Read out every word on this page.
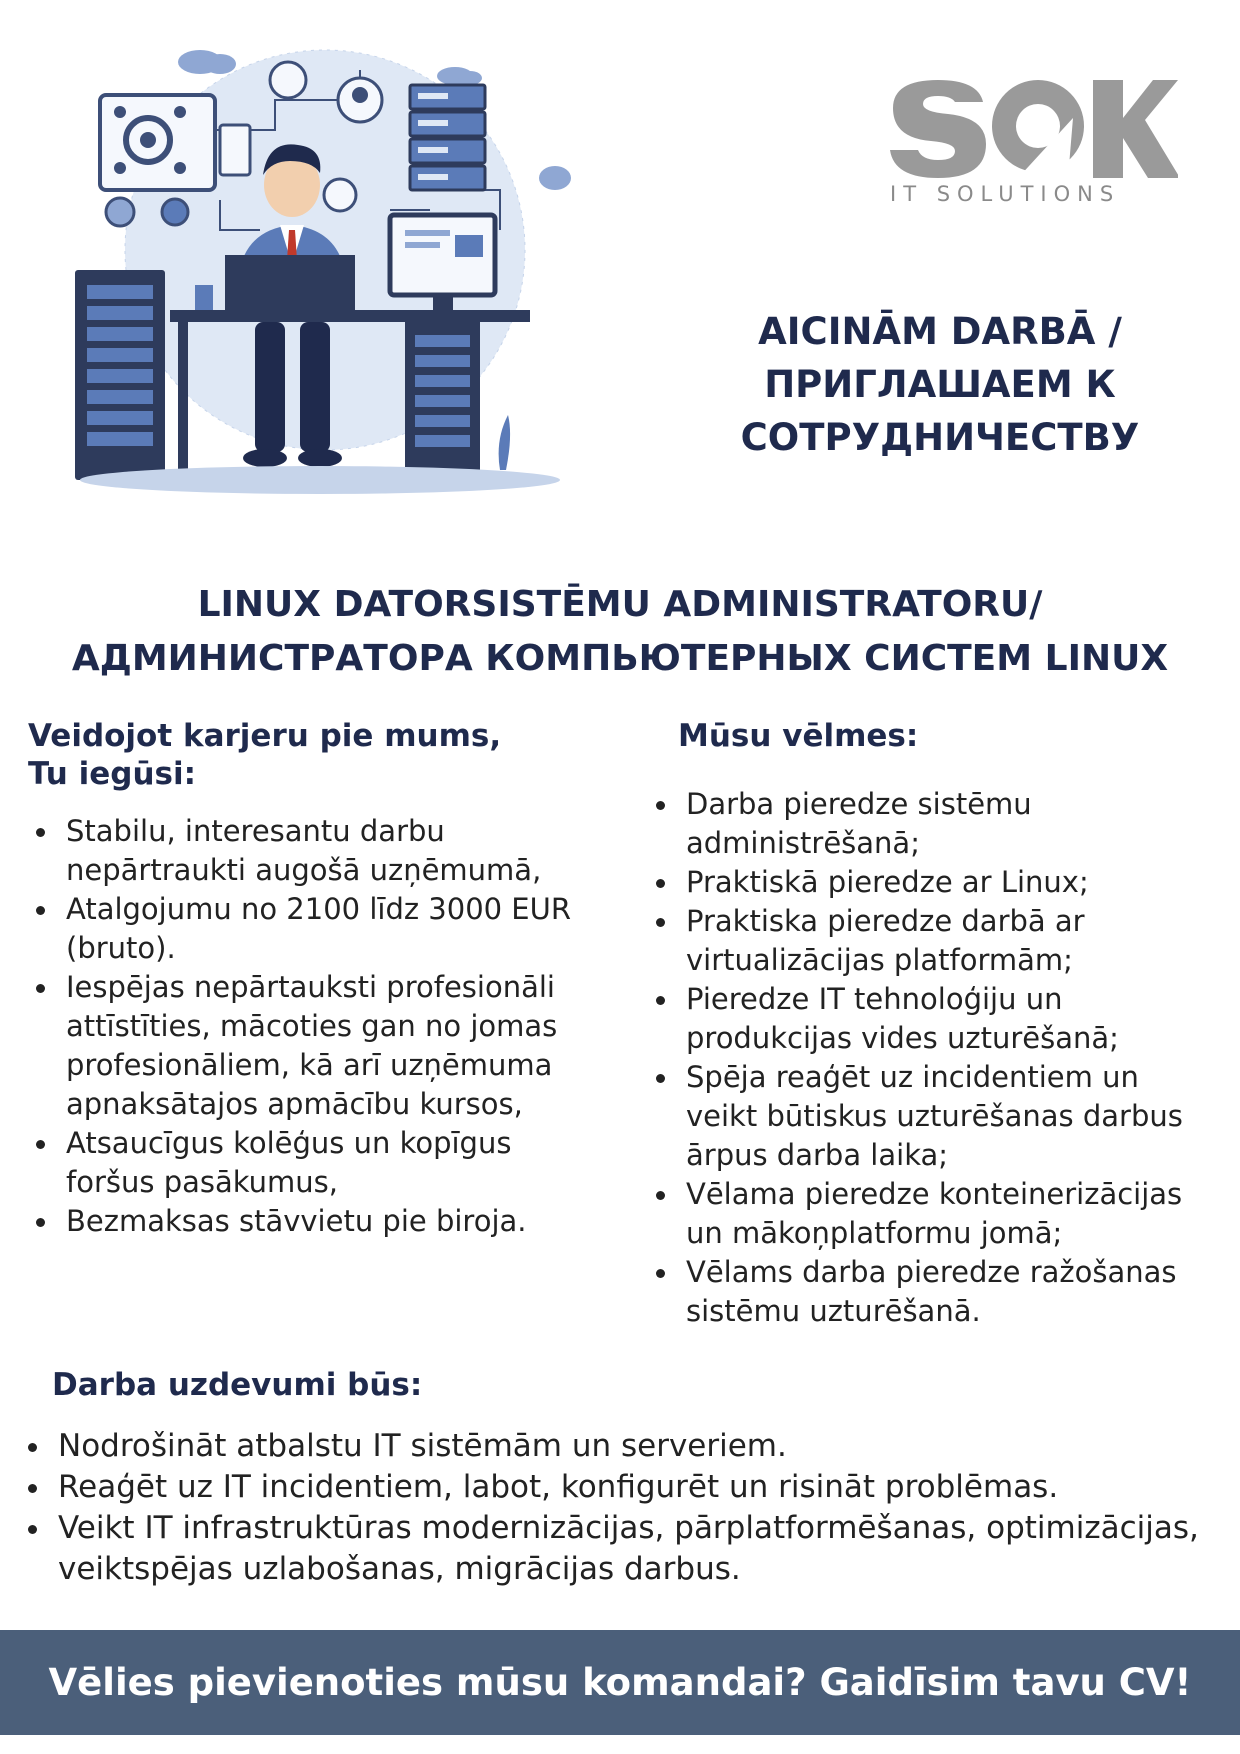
IT SOLUTIONS
AICINĀM DARBĀ /
ПРИГЛАШАЕМ К
СОТРУДНИЧЕСТВУ
LINUX DATORSISTĒMU ADMINISTRATORU/
АДМИНИСТРАТОРА КОМПЬЮТЕРНЫХ СИСТЕМ LINUX
Veidojot karjeru pie mums,
Tu iegūsi:
Stabilu, interesantu darbu nepārtraukti augošā uzņēmumā,
Atalgojumu no 2100 līdz 3000 EUR (bruto).
Iespējas nepārtauksti profesionāli attīstīties, mācoties gan no jomas profesionāliem, kā arī uzņēmuma apnaksātajos apmācību kursos,
Atsaucīgus kolēģus un kopīgus foršus pasākumus,
Bezmaksas stāvvietu pie biroja.
Mūsu vēlmes:
Darba pieredze sistēmu administrēšanā;
Praktiskā pieredze ar Linux;
Praktiska pieredze darbā ar virtualizācijas platformām;
Pieredze IT tehnoloģiju un produkcijas vides uzturēšanā;
Spēja reaģēt uz incidentiem un veikt būtiskus uzturēšanas darbus ārpus darba laika;
Vēlama pieredze konteinerizācijas un mākoņplatformu jomā;
Vēlams darba pieredze ražošanas sistēmu uzturēšanā.
Darba uzdevumi būs:
Nodrošināt atbalstu IT sistēmām un serveriem.
Reaģēt uz IT incidentiem, labot, konfigurēt un risināt problēmas.
Veikt IT infrastruktūras modernizācijas, pārplatformēšanas, optimizācijas, veiktspējas uzlabošanas, migrācijas darbus.
Vēlies pievienoties mūsu komandai? Gaidīsim tavu CV!
